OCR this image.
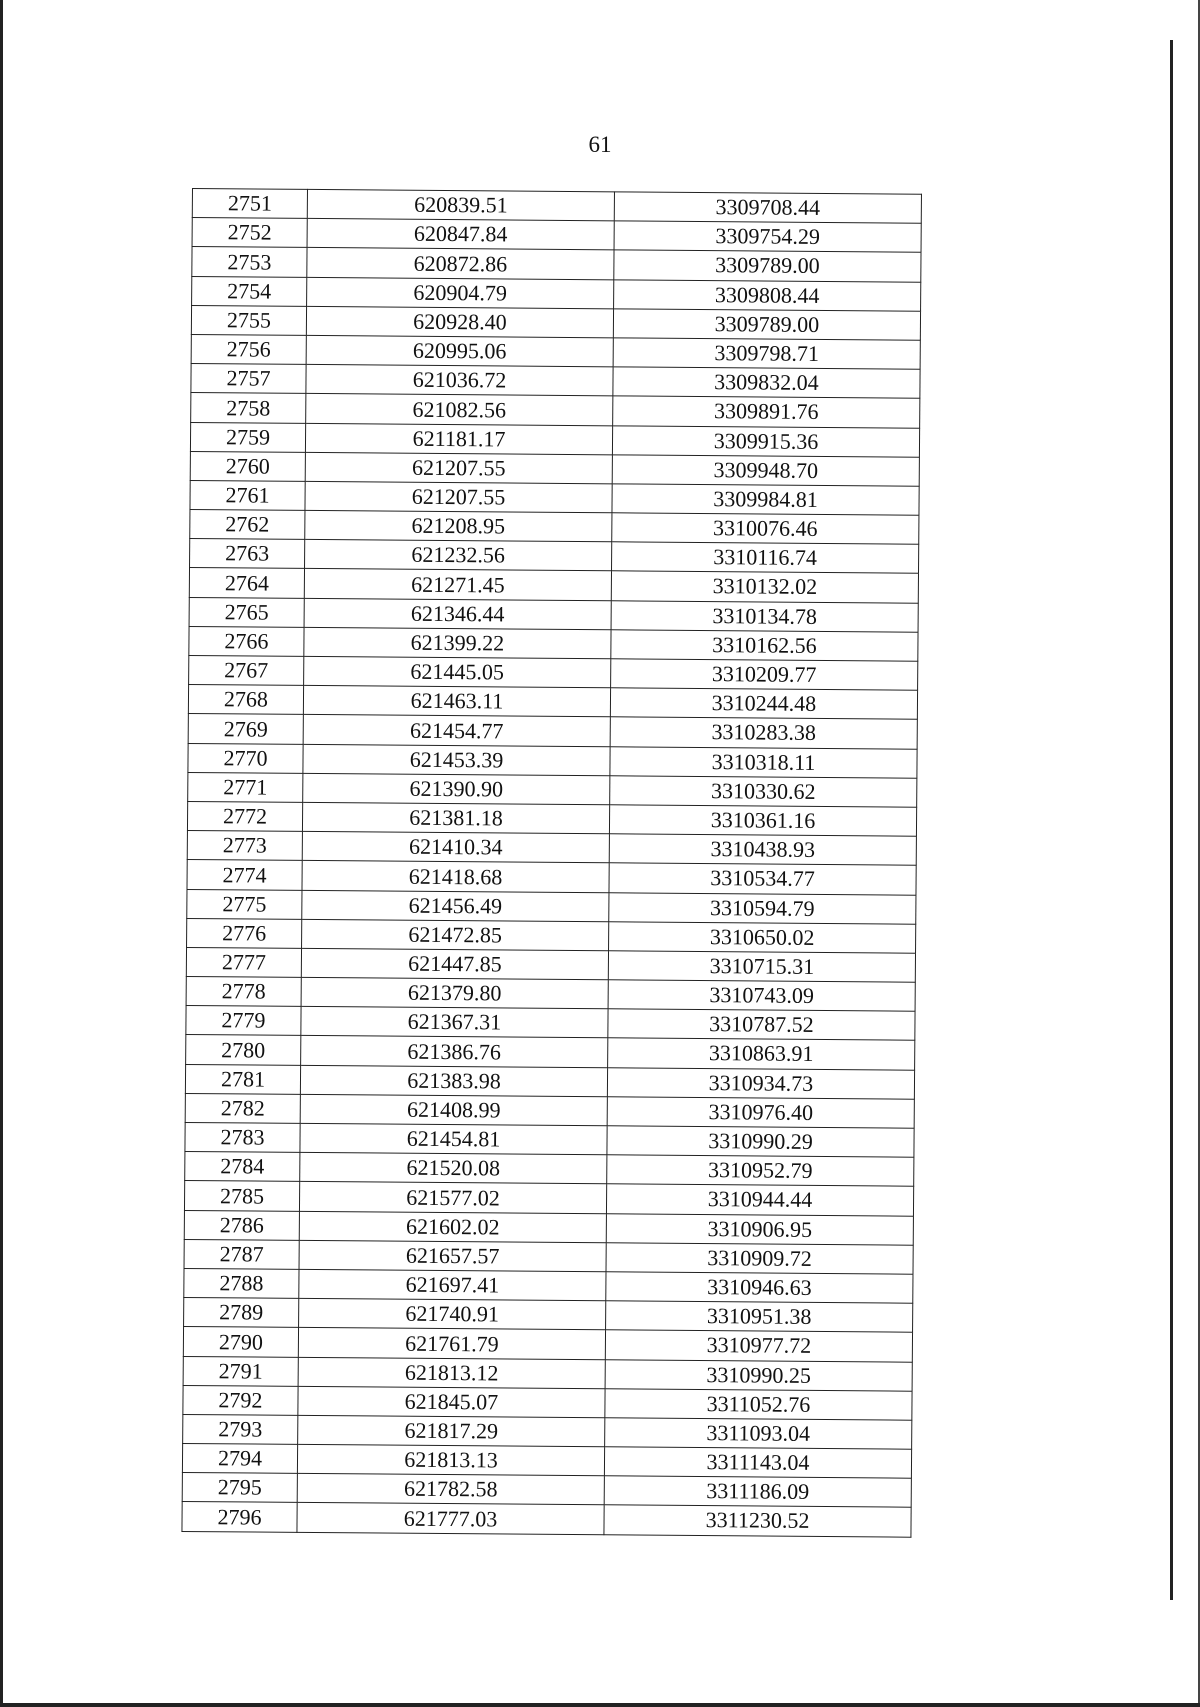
61
2751	620839.51	3309708.44
2752	620847.84	3309754.29
2753	620872.86	3309789.00
2754	620904.79	3309808.44
2755	620928.40	3309789.00
2756	620995.06	3309798.71
2757	621036.72	3309832.04
2758	621082.56	3309891.76
2759	621181.17	3309915.36
2760	621207.55	3309948.70
2761	621207.55	3309984.81
2762	621208.95	3310076.46
2763	621232.56	3310116.74
2764	621271.45	3310132.02
2765	621346.44	3310134.78
2766	621399.22	3310162.56
2767	621445.05	3310209.77
2768	621463.11	3310244.48
2769	621454.77	3310283.38
2770	621453.39	3310318.11
2771	621390.90	3310330.62
2772	621381.18	3310361.16
2773	621410.34	3310438.93
2774	621418.68	3310534.77
2775	621456.49	3310594.79
2776	621472.85	3310650.02
2777	621447.85	3310715.31
2778	621379.80	3310743.09
2779	621367.31	3310787.52
2780	621386.76	3310863.91
2781	621383.98	3310934.73
2782	621408.99	3310976.40
2783	621454.81	3310990.29
2784	621520.08	3310952.79
2785	621577.02	3310944.44
2786	621602.02	3310906.95
2787	621657.57	3310909.72
2788	621697.41	3310946.63
2789	621740.91	3310951.38
2790	621761.79	3310977.72
2791	621813.12	3310990.25
2792	621845.07	3311052.76
2793	621817.29	3311093.04
2794	621813.13	3311143.04
2795	621782.58	3311186.09
2796	621777.03	3311230.52
